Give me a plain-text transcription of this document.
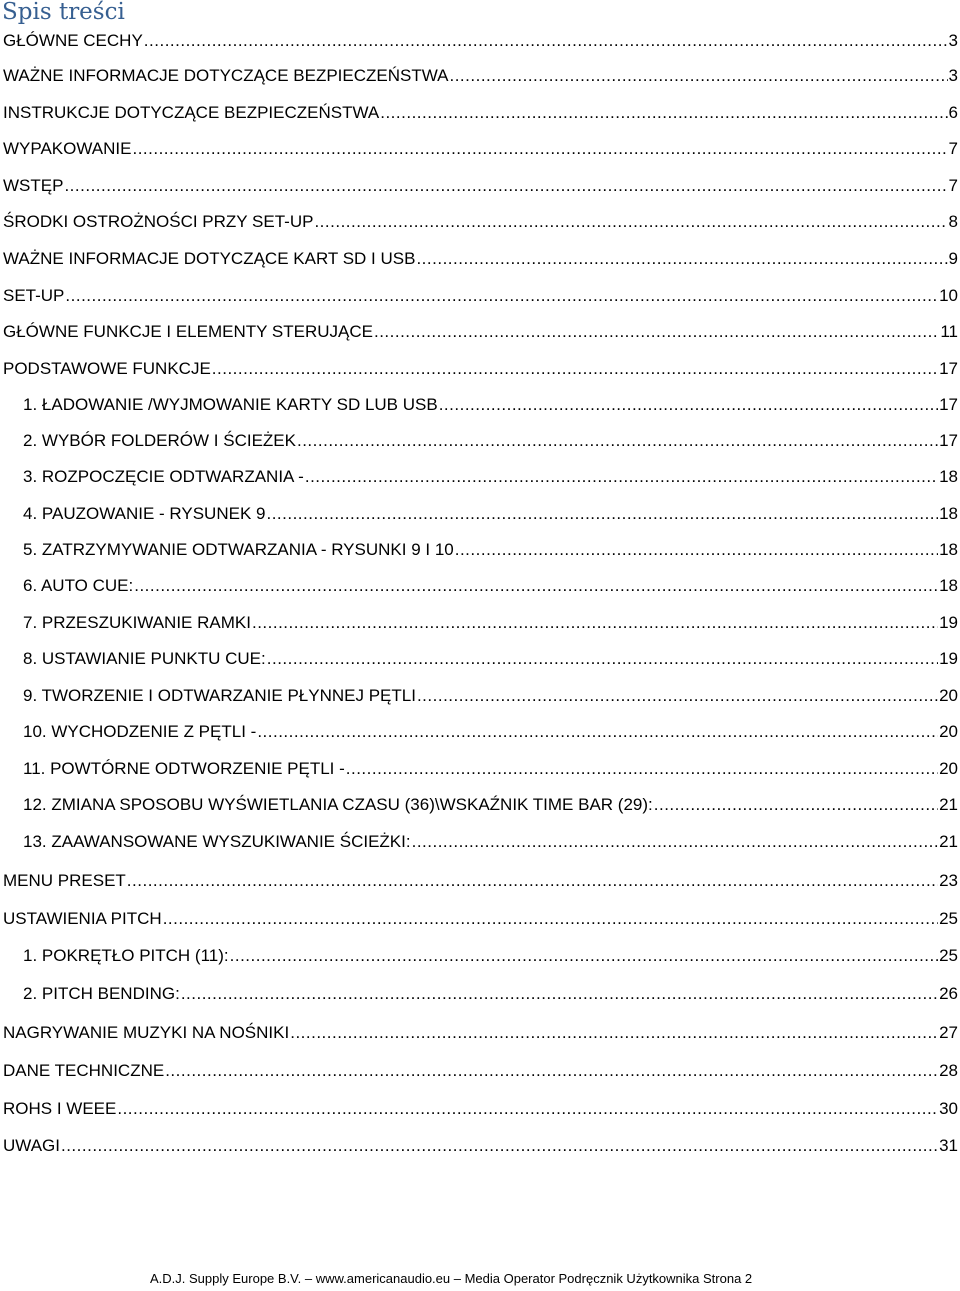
Spis treści
GŁÓWNE CECHY .....	3
WAŻNE INFORMACJE DOTYCZĄCE BEZPIECZEŃSTWA .....	3
INSTRUKCJE DOTYCZĄCE BEZPIECZEŃSTWA .....	6
WYPAKOWANIE .....	7
WSTĘP .....	7
ŚRODKI OSTROŻNOŚCI PRZY SET-UP .....	8
WAŻNE INFORMACJE DOTYCZĄCE KART SD I USB .....	9
SET-UP .....	10
GŁÓWNE FUNKCJE I ELEMENTY STERUJĄCE .....	11
PODSTAWOWE FUNKCJE .....	17
1. ŁADOWANIE /WYJMOWANIE KARTY SD LUB USB .....	17
2. WYBÓR FOLDERÓW I ŚCIEŻEK .....	17
3. ROZPOCZĘCIE ODTWARZANIA - .....	18
4. PAUZOWANIE - RYSUNEK 9 .....	18
5. ZATRZYMYWANIE ODTWARZANIA - RYSUNKI 9 I 10 .....	18
6. AUTO CUE: .....	18
7. PRZESZUKIWANIE RAMKI .....	19
8. USTAWIANIE PUNKTU CUE: .....	19
9. TWORZENIE I ODTWARZANIE PŁYNNEJ PĘTLI .....	20
10. WYCHODZENIE Z PĘTLI - .....	20
11. POWTÓRNE ODTWORZENIE PĘTLI - .....	20
12. ZMIANA SPOSOBU WYŚWIETLANIA CZASU (36)\WSKAŹNIK TIME BAR (29): .....	21
13. ZAAWANSOWANE WYSZUKIWANIE ŚCIEŻKI: .....	21
MENU PRESET .....	23
USTAWIENIA PITCH .....	25
1. POKRĘTŁO PITCH (11): .....	25
2. PITCH BENDING: .....	26
NAGRYWANIE MUZYKI NA NOŚNIKI .....	27
DANE TECHNICZNE .....	28
ROHS I WEEE .....	30
UWAGI .....	31
A.D.J. Supply Europe B.V. – www.americanaudio.eu – Media Operator Podręcznik Użytkownika Strona 2
